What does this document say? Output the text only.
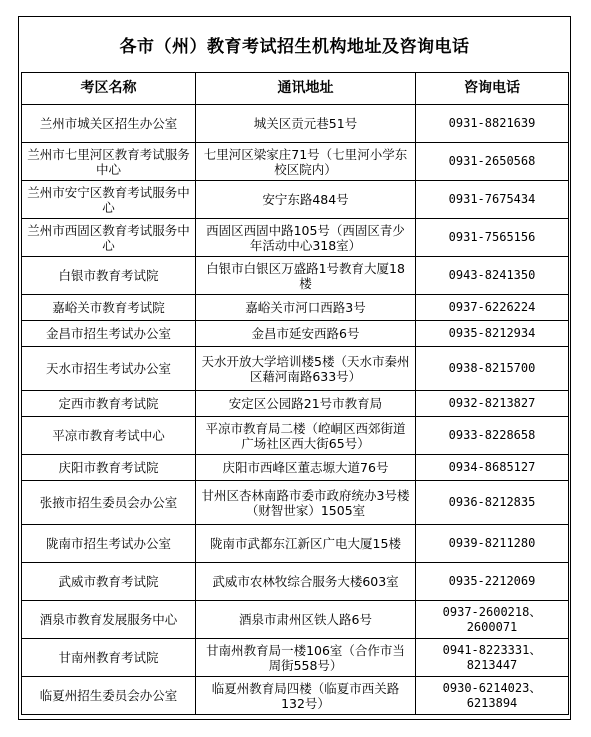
各市（州）教育考试招生机构地址及咨询电话
考区名称	通讯地址	咨询电话
兰州市城关区招生办公室	城关区贡元巷51号	0931-8821639
兰州市七里河区教育考试服务中心	七里河区梁家庄71号（七里河小学东校区院内）	0931-2650568
兰州市安宁区教育考试服务中心	安宁东路484号	0931-7675434
兰州市西固区教育考试服务中心	西固区西固中路105号（西固区青少年活动中心318室）	0931-7565156
白银市教育考试院	白银市白银区万盛路1号教育大厦18楼	0943-8241350
嘉峪关市教育考试院	嘉峪关市河口西路3号	0937-6226224
金昌市招生考试办公室	金昌市延安西路6号	0935-8212934
天水市招生考试办公室	天水开放大学培训楼5楼（天水市秦州区藉河南路633号）	0938-8215700
定西市教育考试院	安定区公园路21号市教育局	0932-8213827
平凉市教育考试中心	平凉市教育局二楼（崆峒区西郊街道广场社区西大街65号）	0933-8228658
庆阳市教育考试院	庆阳市西峰区董志塬大道76号	0934-8685127
张掖市招生委员会办公室	甘州区杏林南路市委市政府统办3号楼（财智世家）1505室	0936-8212835
陇南市招生考试办公室	陇南市武都东江新区广电大厦15楼	0939-8211280
武威市教育考试院	武威市农林牧综合服务大楼603室	0935-2212069
酒泉市教育发展服务中心	酒泉市肃州区铁人路6号	0937-2600218、2600071
甘南州教育考试院	甘南州教育局一楼106室（合作市当周街558号）	0941-8223331、8213447
临夏州招生委员会办公室	临夏州教育局四楼（临夏市西关路132号）	0930-6214023、6213894
